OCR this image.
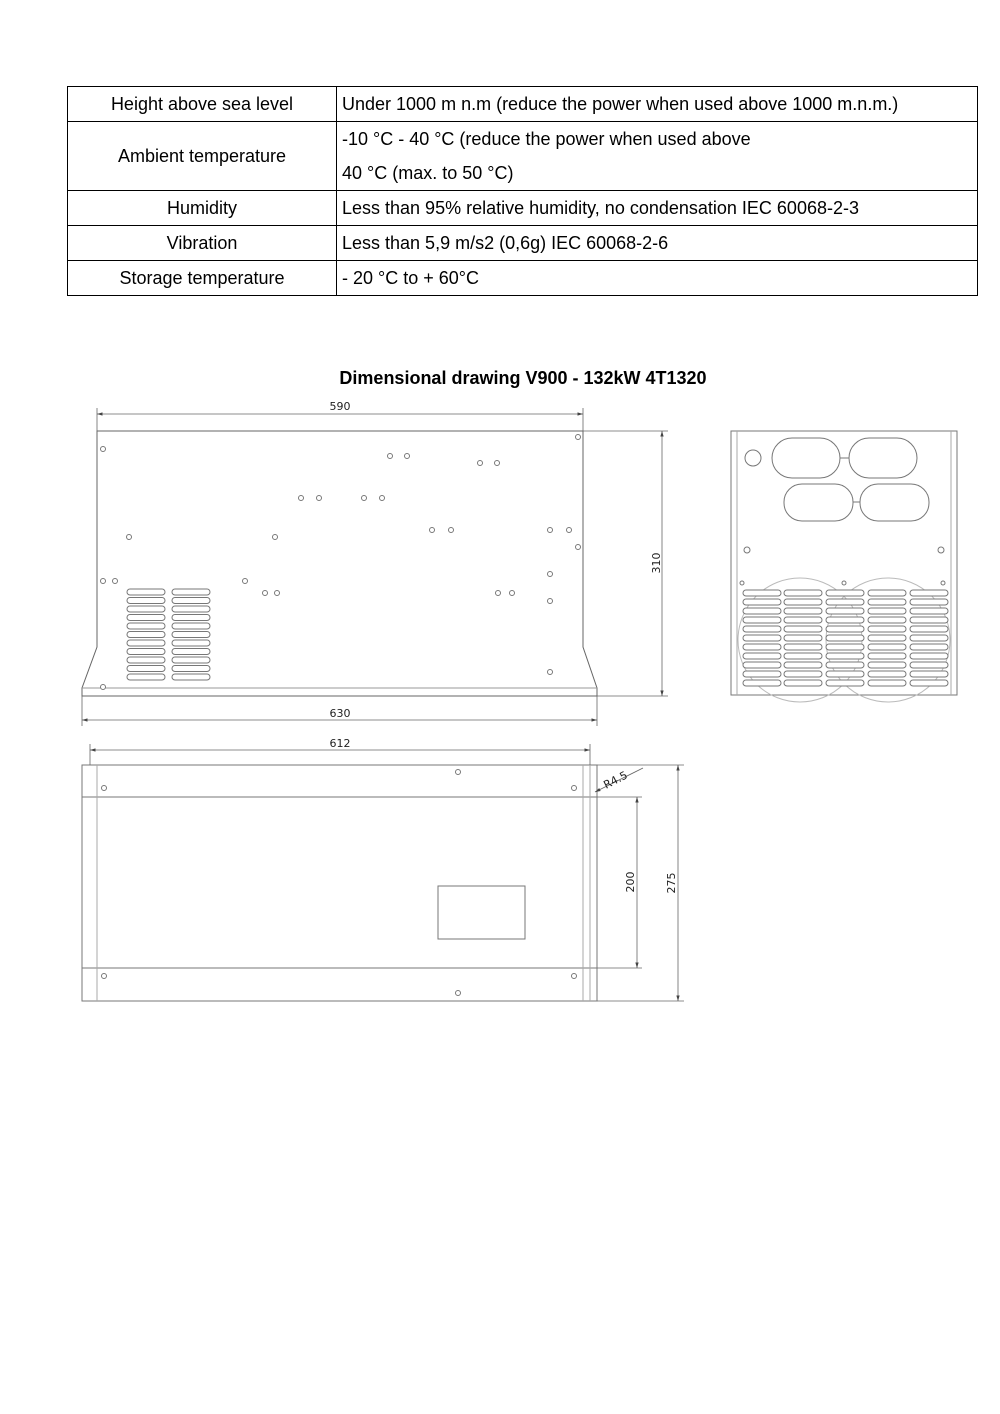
Height above sea level	Under 1000 m n.m (reduce the power when used above 1000 m.n.m.)

Ambient temperature	-10 °C - 40 °C (reduce the power when used above
40 °C (max. to 50 °C)

Humidity	Less than 95% relative humidity, no condensation IEC 60068-2-3

Vibration	Less than 5,9 m/s2 (0,6g) IEC 60068-2-6

Storage temperature	- 20 °C to + 60°C
Dimensional drawing V900 - 132kW 4T1320
590
310
630
612
R4.5
200	275
